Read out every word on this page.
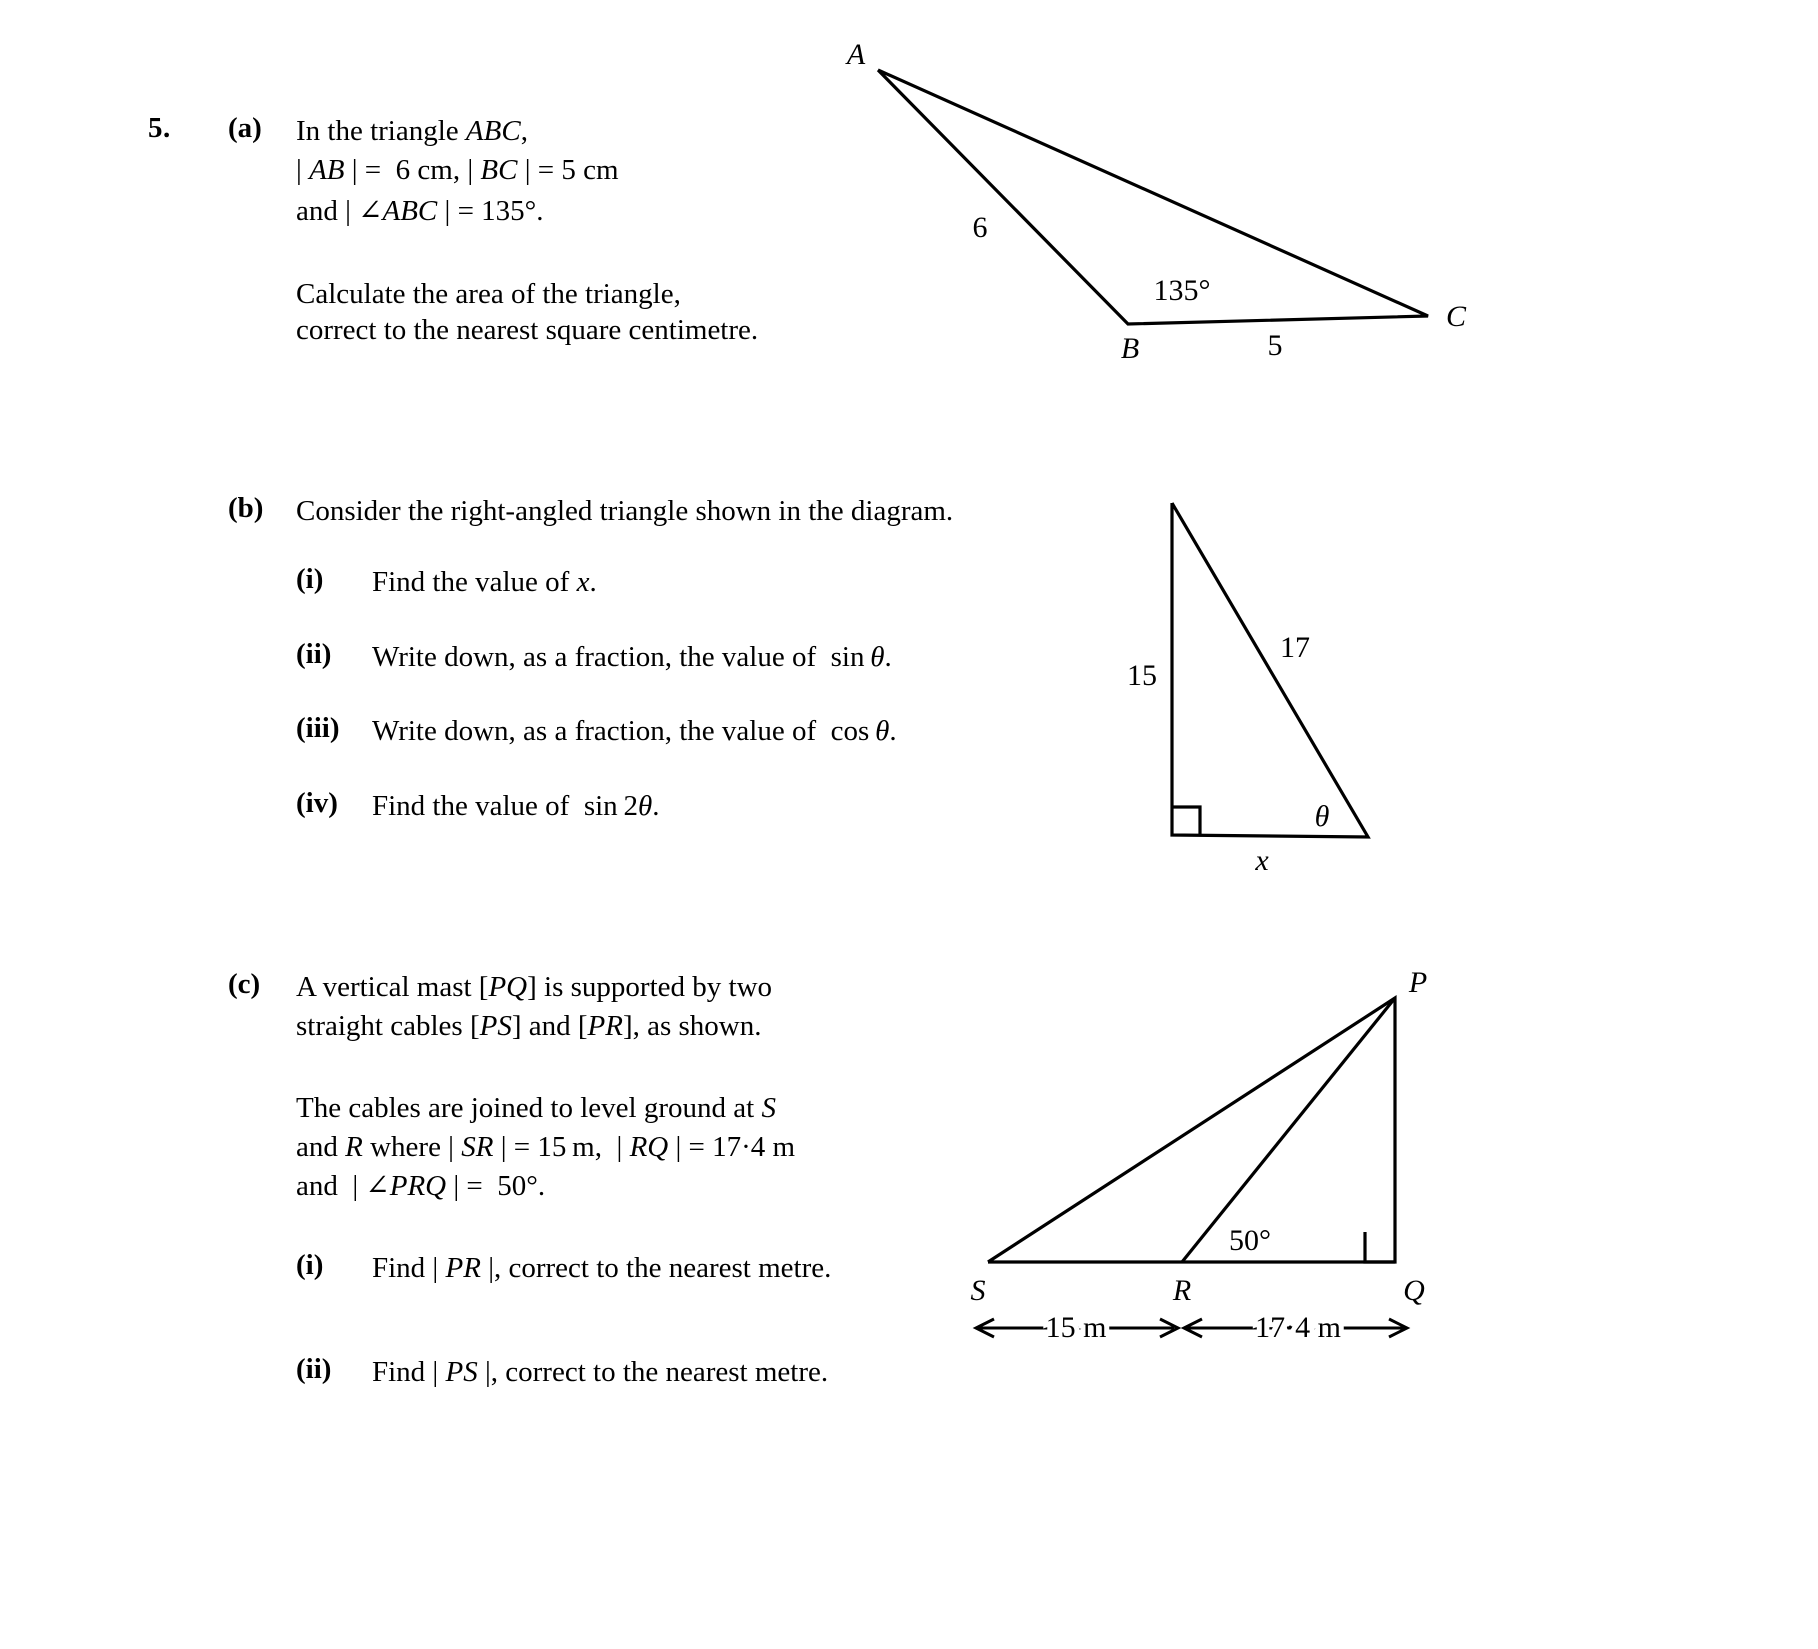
5. (a) In the triangle ABC,
| AB | =  6 cm, | BC | = 5 cm
and | ∠ABC | = 135°.
Calculate the area of the triangle,
correct to the nearest square centimetre.
A
B
C
6
5
135°
(b) Consider the right-angled triangle shown in the diagram.
(i) Find the value of x.
(ii) Write down, as a fraction, the value of  sin θ.
(iii) Write down, as a fraction, the value of  cos θ.
(iv) Find the value of  sin 2θ.
15
17
x
θ
(c) A vertical mast [PQ] is supported by two
straight cables [PS] and [PR], as shown.
The cables are joined to level ground at S
and R where | SR | = 15 m,  | RQ | = 17·4 m
and  | ∠PRQ | =  50°.
(i) Find | PR |, correct to the nearest metre.
(ii) Find | PS |, correct to the nearest metre.
P
Q
R
S
50°
15 m	17·4 m
